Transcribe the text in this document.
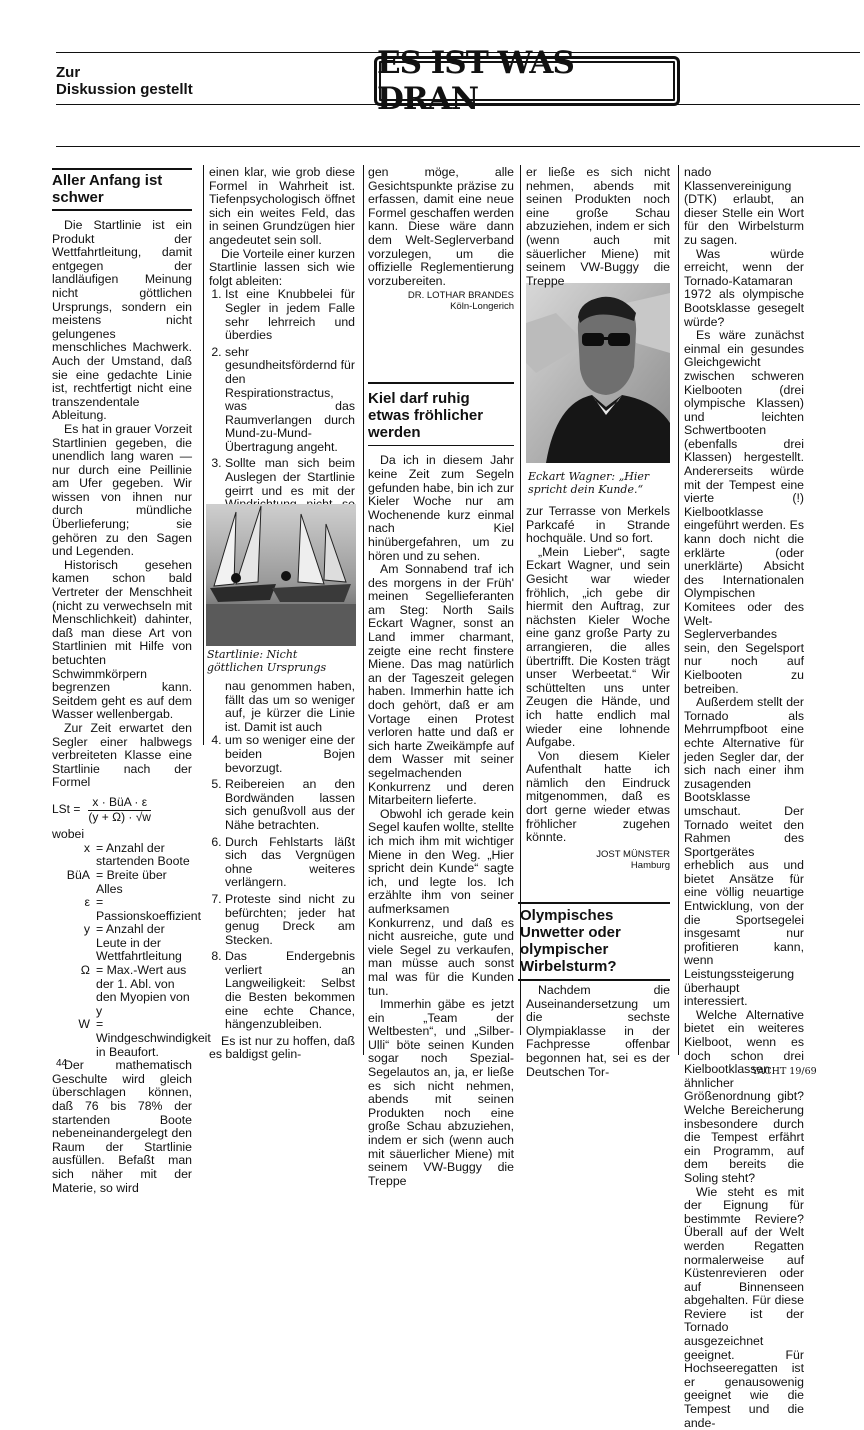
Zur
Diskussion gestellt
ES IST WAS DRAN
Aller Anfang ist schwer

Die Startlinie ist ein Produkt der Wettfahrtleitung, damit entgegen der landläufigen Meinung nicht göttlichen Ursprungs, sondern ein meistens nicht gelungenes menschliches Machwerk. Auch der Umstand, daß sie eine gedachte Linie ist, rechtfertigt nicht eine transzendentale Ableitung.

Es hat in grauer Vorzeit Startlinien gegeben, die unendlich lang waren — nur durch eine Peillinie am Ufer gegeben. Wir wissen von ihnen nur durch mündliche Überlieferung; sie gehören zu den Sagen und Legenden.

Historisch gesehen kamen schon bald Vertreter der Menschheit (nicht zu verwechseln mit Menschlichkeit) dahinter, daß man diese Art von Startlinien mit Hilfe von betuchten Schwimmkörpern begrenzen kann. Seitdem geht es auf dem Wasser wellenbergab.

Zur Zeit erwartet den Segler einer halbwegs verbreiteten Klasse eine Startlinie nach der Formel

LSt = $\frac{\text{x · BüA · ε}}{(y + \Omega) \cdot √w}$
wobei
x = Anzahl der startenden Boote
BüA = Breite über Alles
ε = Passionskoeffizient
y = Anzahl der Leute in der Wettfahrtleitung
Ω = Max.-Wert aus der 1. Abl. von den Myopien von y
W = Windgeschwindigkeit in Beaufort.

Der mathematisch Geschulte wird gleich überschlagen können, daß 76 bis 78% der startenden Boote nebeneinandergelegt den Raum der Startlinie ausfüllen. Befaßt man sich näher mit der Materie, so wird

einen klar, wie grob diese Formel in Wahrheit ist. Tiefenpsychologisch öffnet sich ein weites Feld, das in seinen Grundzügen hier angedeutet sein soll.

Die Vorteile einer kurzen Startlinie lassen sich wie folgt ableiten:

1. Ist eine Knubbelei für Segler in jedem Falle sehr lehrreich und überdies
2. sehr gesundheitsfördernd für den Respirationstractus, was das Raumverlangen durch Mund-zu-Mund-Übertragung angeht.
3. Sollte man sich beim Auslegen der Startlinie geirrt und es mit der
Startlinie: Nicht göttlichen Ursprungs

nau genommen haben, fällt das um so weniger auf, je kürzer die Linie ist. Damit ist auch

4. um so weniger eine der beiden Bojen bevorzugt.
5. Reibereien an den Bordwänden lassen sich genußvoll aus der Nähe betrachten.
6. Durch Fehlstarts läßt sich das Vergnügen ohne weiteres verlängern.
7. Proteste sind nicht zu befürchten; jeder hat genug Dreck am Stecken.
8. Das Endergebnis verliert an Langweiligkeit: Selbst die Besten bekommen eine echte Chance, hängenzubleiben.

Es ist nur zu hoffen, daß es baldigst gelin-

gen möge, alle Gesichtspunkte präzise zu erfassen, damit eine neue Formel geschaffen werden kann. Diese wäre dann dem Welt-Seglerverband vorzulegen, um die offizielle Reglementierung vorzubereiten.

DR. LOTHAR BRANDES
Köln-Longerich
Kiel darf ruhig etwas fröhlicher werden

Da ich in diesem Jahr keine Zeit zum Segeln gefunden habe, bin ich zur Kieler Woche nur am Wochenende kurz einmal nach Kiel hinübergefahren, um zu hören und zu sehen.

Am Sonnabend traf ich des morgens in der Früh' meinen Segellieferanten am Steg: North Sails Eckart Wagner, sonst an Land immer charmant, zeigte eine recht finstere Miene. Das mag natürlich an der Tageszeit gelegen haben. Immerhin hatte ich doch gehört, daß er am Vortage einen Protest verloren hatte und daß er sich harte Zweikämpfe auf dem Wasser mit seiner segelmachenden Konkurrenz und deren Mitarbeitern lieferte.

Obwohl ich gerade kein Segel kaufen wollte, stellte ich mich ihm mit wichtiger Miene in den Weg. „Hier spricht dein Kunde“ sagte ich, und legte los. Ich erzählte ihm von seiner aufmerksamen Konkurrenz, und daß es nicht ausreiche, gute und viele Segel zu verkaufen, man müsse auch sonst mal was für die Kunden tun.

Immerhin gäbe es jetzt ein „Team der Weltbesten“, und „Silber-Ulli“ böte seinen Kunden sogar noch Spezial-Segelautos an, ja, er ließe es sich nicht nehmen, abends mit seinen Produkten noch eine große Schau abzuziehen, indem er sich (wenn auch mit säuerlicher Miene) mit seinem VW-Buggy die Treppe

Eckart Wagner: „Hier spricht dein Kunde.“

er ließe es sich nicht nehmen, abends mit seinen Produkten noch eine große Schau abzuziehen, indem er sich (wenn auch mit säuerlicher Miene) mit seinem VW-Buggy die Treppe

zur Terrasse von Merkels Parkcafé in Strande hochquäle. Und so fort.

„Mein Lieber“, sagte Eckart Wagner, und sein Gesicht war wieder fröhlich, „ich gebe dir hiermit den Auftrag, zur nächsten Kieler Woche eine ganz große Party zu arrangieren, die alles übertrifft. Die Kosten trägt unser Werbeetat.“ Wir schüttelten uns unter Zeugen die Hände, und ich hatte endlich mal wieder eine lohnende Aufgabe.

Von diesem Kieler Aufenthalt hatte ich nämlich den Eindruck mitgenommen, daß es dort gerne wieder etwas fröhlicher zugehen könnte.

JOST MÜNSTER
Hamburg
Olympisches Unwetter oder olympischer Wirbelsturm?

Nachdem die Auseinandersetzung um die sechste Olympiaklasse in der Fachpresse offenbar begonnen hat, sei es der Deutschen Tor-

nado Klassenvereinigung (DTK) erlaubt, an dieser Stelle ein Wort für den Wirbelsturm zu sagen.

Was würde erreicht, wenn der Tornado-Katamaran 1972 als olympische Bootsklasse gesegelt würde?

Es wäre zunächst einmal ein gesundes Gleichgewicht zwischen schweren Kielbooten (drei olympische Klassen) und leichten Schwertbooten (ebenfalls drei Klassen) hergestellt. Andererseits würde mit der Tempest eine vierte (!) Kielbootklasse eingeführt werden. Es kann doch nicht die erklärte (oder unerklärte) Absicht des Internationalen Olympischen Komitees oder des Welt-Seglerverbandes sein, den Segelsport nur noch auf Kielbooten zu betreiben.

Außerdem stellt der Tornado als Mehrrumpfboot eine echte Alternative für jeden Segler dar, der sich nach einer ihm zusagenden Bootsklasse umschaut. Der Tornado weitet den Rahmen des Sportgerätes erheblich aus und bietet Ansätze für eine völlig neuartige Entwicklung, von der die Sportsegelei insgesamt nur profitieren kann, wenn Leistungssteigerung überhaupt interessiert.

Welche Alternative bietet ein weiteres Kielboot, wenn es doch schon drei Kielbootklassen ähnlicher Größenordnung gibt? Welche Bereicherung insbesondere durch die Tempest erfährt ein Programm, auf dem bereits die Soling steht?

Wie steht es mit der Eignung für bestimmte Reviere? Überall auf der Welt werden Regatten normalerweise auf Küstenrevieren oder auf Binnenseen abgehalten. Für diese Reviere ist der Tornado ausgezeichnet geeignet. Für Hochseeregatten ist er genausowenig geeignet wie die Tempest und die ande-

44
YACHT 19/69
